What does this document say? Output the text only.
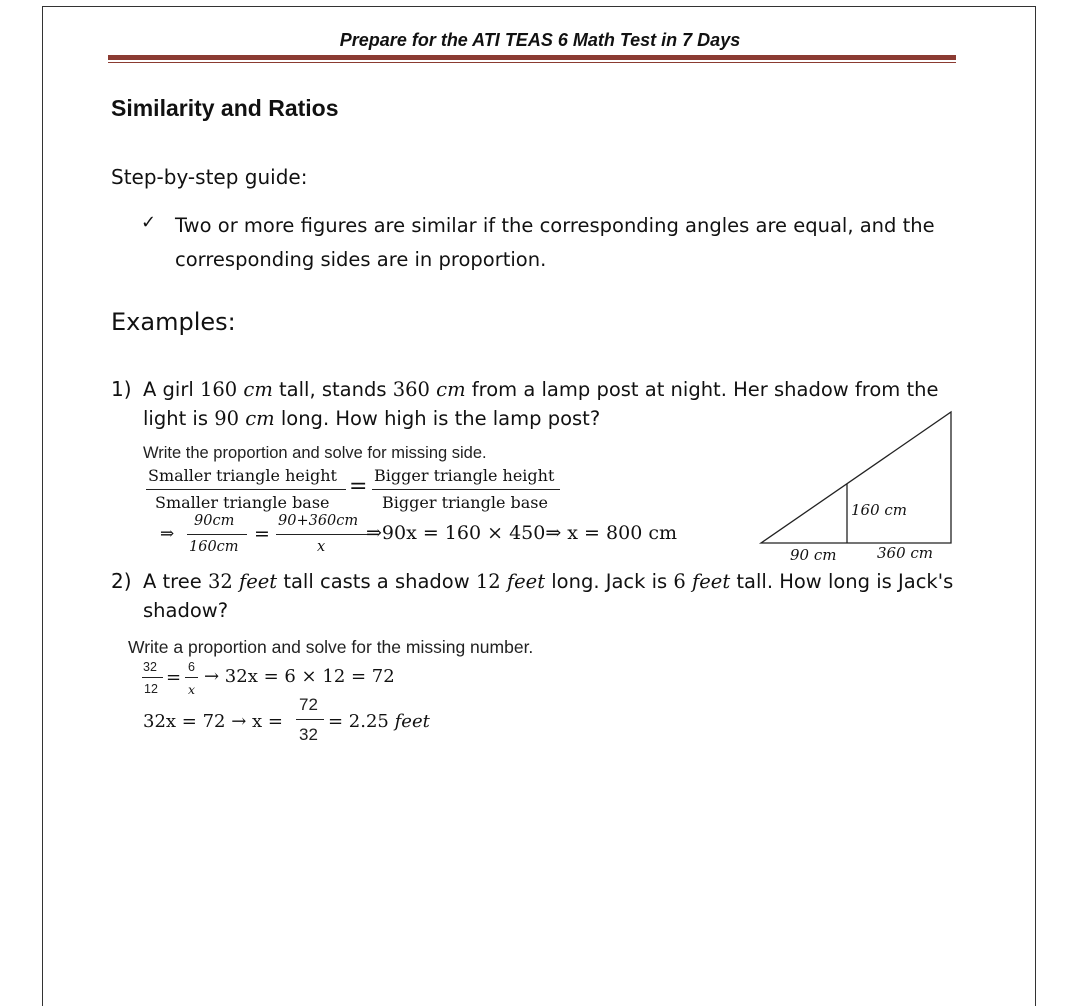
Prepare for the ATI TEAS 6 Math Test in 7 Days
Similarity and Ratios
Step-by-step guide:
✓ Two or more figures are similar if the corresponding angles are equal, and the corresponding sides are in proportion.
Examples:
1) A girl 160 cm tall, stands 360 cm from a lamp post at night. Her shadow from the light is 90 cm long. How high is the lamp post?
Write the proportion and solve for missing side.
Smaller triangle height
Smaller triangle base
= Bigger triangle height
Bigger triangle base
⇒
90cm
160cm
=
90+360cm
x
⇒90x = 160 × 450⇒ x = 800 cm
160 cm
90 cm	360 cm
2) A tree 32 feet tall casts a shadow 12 feet long. Jack is 6 feet tall. How long is Jack's shadow?
Write a proportion and solve for the missing number.
32
12
= 6
x
→ 32x = 6 × 12 = 72
32x = 72 → x =
72
32
= 2.25 feet
